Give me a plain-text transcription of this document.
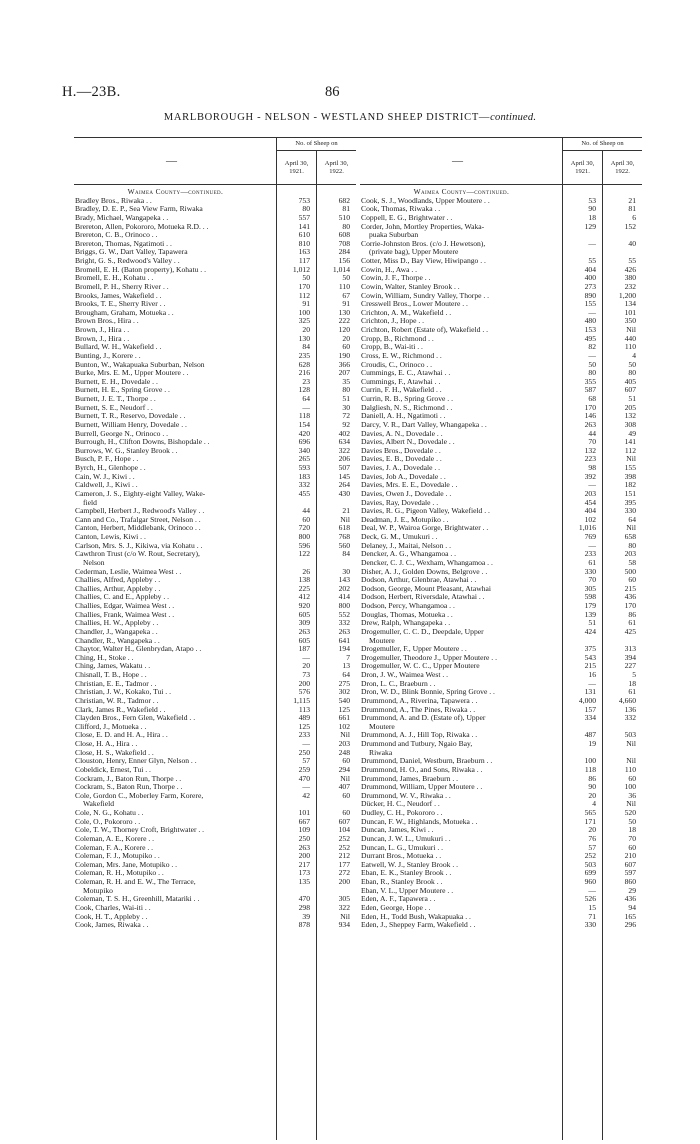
H.—23B.	86
MARLBOROUGH - NELSON - WESTLAND SHEEP DISTRICT—continued.
—
No. of Sheep on
April 30, 1921.
April 30, 1922.
Waimea County—continued.
Bradley Bros., Riwaka . .	753	682
Bradley, D. E. P., Sea View Farm, Riwaka	80	81
Brady, Michael, Wangapeka . .	557	510
Brereton, Allen, Pokororo, Motueka R.D. . .	141	80
Brereton, C. B., Orinoco . .	610	608
Brereton, Thomas, Ngatimoti . .	810	708
Briggs, G. W., Dart Valley, Tapawera	163	284
Bright, G. S., Redwood's Valley . .	117	156
Bromell, E. H. (Baton property), Kohatu . .	1,012	1,014
Bromell, E. H., Kohatu . .	50	50
Bromell, P. H., Sherry River . .	170	110
Brooks, James, Wakefield . .	112	67
Brooks, T. E., Sherry River . .	91	91
Brougham, Graham, Motueka . .	100	130
Brown Bros., Hira . .	325	222
Brown, J., Hira . .	20	120
Brown, J., Hira . .	130	20
Bullard, W. H., Wakefield . .	84	60
Bunting, J., Korere . .	235	190
Bunton, W., Wakapuaka Suburban, Nelson	628	366
Burke, Mrs. E. M., Upper Moutere . .	216	207
Burnett, E. H., Dovedale . .	23	35
Burnett, H. E., Spring Grove . .	128	80
Burnett, J. E. T., Thorpe . .	64	51
Burnett, S. E., Neudorf . .	—	30
Burnett, T. R., Reservo, Dovedale . .	118	72
Burnett, William Henry, Dovedale . .	154	92
Burrell, George N., Orinoco . .	420	402
Burrough, H., Clifton Downs, Bishopdale . .	696	634
Burrows, W. G., Stanley Brook . .	340	322
Busch, P. F., Hope . .	265	206
Byrch, H., Glenhope . .	593	507
Cain, W. J., Kiwi . .	183	145
Caldwell, J., Kiwi . .	332	264
Cameron, J. S., Eighty-eight Valley, Wake-	455	430
field
Campbell, Herbert J., Redwood's Valley . .	44	21
Cann and Co., Trafalgar Street, Nelson . .	60	Nil
Canton, Herbert, Middlebank, Orinoco . .	720	618
Canton, Lewis, Kiwi . .	800	768
Carlson, Mrs. S. J., Kikiwa, via Kohatu . .	596	560
Cawthron Trust (c/o W. Rout, Secretary),	122	84
Nelson
Cederman, Leslie, Waimea West . .	26	30
Challies, Alfred, Appleby . .	138	143
Challies, Arthur, Appleby . .	225	202
Challies, C. and E., Appleby . .	412	414
Challies, Edgar, Waimea West . .	920	800
Challies, Frank, Waimea West . .	605	552
Challies, H. W., Appleby . .	309	332
Chandler, J., Wangapeka . .	263	263
Chandler, R., Wangapeka . .	605	641
Chaytor, Walter H., Glenbrydan, Atapo . .	187	194
Ching, H., Stoke . .	—	7
Ching, James, Wakatu . .	20	13
Chisnall, T. B., Hope . .	73	64
Christian, E. E., Tadmor . .	200	275
Christian, J. W., Kokako, Tui . .	576	302
Christian, W. R., Tadmor . .	1,115	540
Clark, James R., Wakefield . .	113	125
Clayden Bros., Fern Glen, Wakefield . .	489	661
Clifford, J., Motueka . .	125	102
Close, E. D. and H. A., Hira . .	233	Nil
Close, H. A., Hira . .	—	203
Close, H. S., Wakefield . .	250	248
Clouston, Henry, Enner Glyn, Nelson . .	57	60
Cobeldick, Ernest, Tui . .	259	294
Cockram, J., Baton Run, Thorpe . .	470	Nil
Cockram, S., Baton Run, Thorpe . .	—	407
Cole, Gordon C., Moberley Farm, Korere,	42	60
Wakefield
Cole, N. G., Kohatu . .	101	60
Cole, O., Pokororo . .	667	607
Cole, T. W., Thorney Croft, Brightwater . .	109	104
Coleman, A. E., Korere . .	250	252
Coleman, F. A., Korere . .	263	252
Coleman, F. J., Motupiko . .	200	212
Coleman, Mrs. Jane, Motupiko . .	217	177
Coleman, R. H., Motupiko . .	173	272
Coleman, R. H. and E. W., The Terrace,	135	200
Motupiko
Coleman, T. S. H., Greenhill, Matariki . .	470	305
Cook, Charles, Wai-iti . .	298	322
Cook, H. T., Appleby . .	39	Nil
Cook, James, Riwaka . .	878	934
—
No. of Sheep on
April 30, 1921.
April 30, 1922.
Waimea County—continued.
Cook, S. J., Woodlands, Upper Moutere . .	53	21
Cook, Thomas, Riwaka . .	90	81
Coppell, E. G., Brightwater . .	18	6
Corder, John, Mortley Properties, Waka-	129	152
puaka Suburban
Corrie-Johnston Bros. (c/o J. Hewetson),	—	40
(private bag), Upper Moutere
Cotter, Miss D., Bay View, Hiwipango . .	55	55
Cowin, H., Awa . .	404	426
Cowin, J. F., Thorpe . .	400	380
Cowin, Walter, Stanley Brook . .	273	232
Cowin, William, Sundry Valley, Thorpe . .	890	1,200
Cresswell Bros., Lower Moutere . .	155	134
Crichton, A. M., Wakefield . .	—	101
Crichton, J., Hope . .	480	350
Crichton, Robert (Estate of), Wakefield . .	153	Nil
Cropp, B., Richmond . .	495	440
Cropp, B., Wai-iti . .	82	110
Cross, E. W., Richmond . .	—	4
Croudis, C., Orinoco . .	50	50
Cummings, E. C., Atawhai . .	80	80
Cummings, F., Atawhai . .	355	405
Currin, F. H., Wakefield . .	587	607
Currin, R. B., Spring Grove . .	68	51
Dalgliesh, N. S., Richmond . .	170	205
Daniell, A. H., Ngatimoti . .	146	132
Darcy, V. R., Dart Valley, Whangapeka . .	263	308
Davies, A. N., Dovedale . .	44	49
Davies, Albert N., Dovedale . .	70	141
Davies Bros., Dovedale . .	132	112
Davies, E. B., Dovedale . .	223	Nil
Davies, J. A., Dovedale . .	98	155
Davies, Job A., Dovedale . .	392	398
Davies, Mrs. E. E., Dovedale . .	—	182
Davies, Owen J., Dovedale . .	203	151
Davies, Ray, Dovedale . .	454	395
Davies, R. G., Pigeon Valley, Wakefield . .	404	330
Deadman, J. E., Motupiko . .	102	64
Deal, W. P., Wairoa Gorge, Brightwater . .	1,016	Nil
Deck, G. M., Umukuri . .	769	658
Delaney, J., Maitai, Nelson . .	—	80
Dencker, A. G., Whangamoa . .	233	203
Dencker, C. J. C., Wexham, Whangamoa . .	61	58
Disher, A. J., Golden Downs, Belgrove . .	330	500
Dodson, Arthur, Glenbrae, Atawhai . .	70	60
Dodson, George, Mount Pleasant, Atawhai	305	215
Dodson, Herbert, Riversdale, Atawhai . .	598	436
Dodson, Percy, Whangamoa . .	179	170
Douglas, Thomas, Motueka . .	139	86
Drew, Ralph, Whangapeka . .	51	61
Drogemuller, C. C. D., Deepdale, Upper	424	425
Moutere
Drogemuller, F., Upper Moutere . .	375	313
Drogemuller, Theodore J., Upper Moutere . .	543	394
Drogemuller, W. C. C., Upper Moutere	215	227
Dron, J. W., Waimea West . .	16	5
Dron, L. C., Braeburn . .	—	18
Dron, W. D., Blink Bonnie, Spring Grove . .	131	61
Drummond, A., Riverina, Tapawera . .	4,000	4,660
Drummond, A., The Pines, Riwaka . .	157	136
Drummond, A. and D. (Estate of), Upper	334	332
Moutere
Drummond, A. J., Hill Top, Riwaka . .	487	503
Drummond and Tutbury, Ngaio Bay,	19	Nil
Riwaka
Drummond, Daniel, Westburn, Braeburn . .	100	Nil
Drummond, H. O., and Sons, Riwaka . .	118	110
Drummond, James, Braeburn . .	86	60
Drummond, William, Upper Moutere . .	90	100
Drummond, W. V., Riwaka . .	20	36
Dücker, H. C., Neudorf . .	4	Nil
Dudley, C. H., Pokororo . .	565	520
Duncan, F. W., Highlands, Motueka . .	171	50
Duncan, James, Kiwi . .	20	18
Duncan, J. W. L., Umukuri . .	76	70
Duncan, L. G., Umukuri . .	57	60
Durrant Bros., Motueka . .	252	210
Eatwell, W. J., Stanley Brook . .	503	607
Eban, E. K., Stanley Brook . .	699	597
Eban, R., Stanley Brook . .	960	860
Eban, V. L., Upper Moutere . .	—	29
Eden, A. F., Tapawera . .	526	436
Eden, George, Hope . .	15	94
Eden, H., Todd Bush, Wakapuaka . .	71	165
Eden, J., Sheppey Farm, Wakefield . .	330	296
